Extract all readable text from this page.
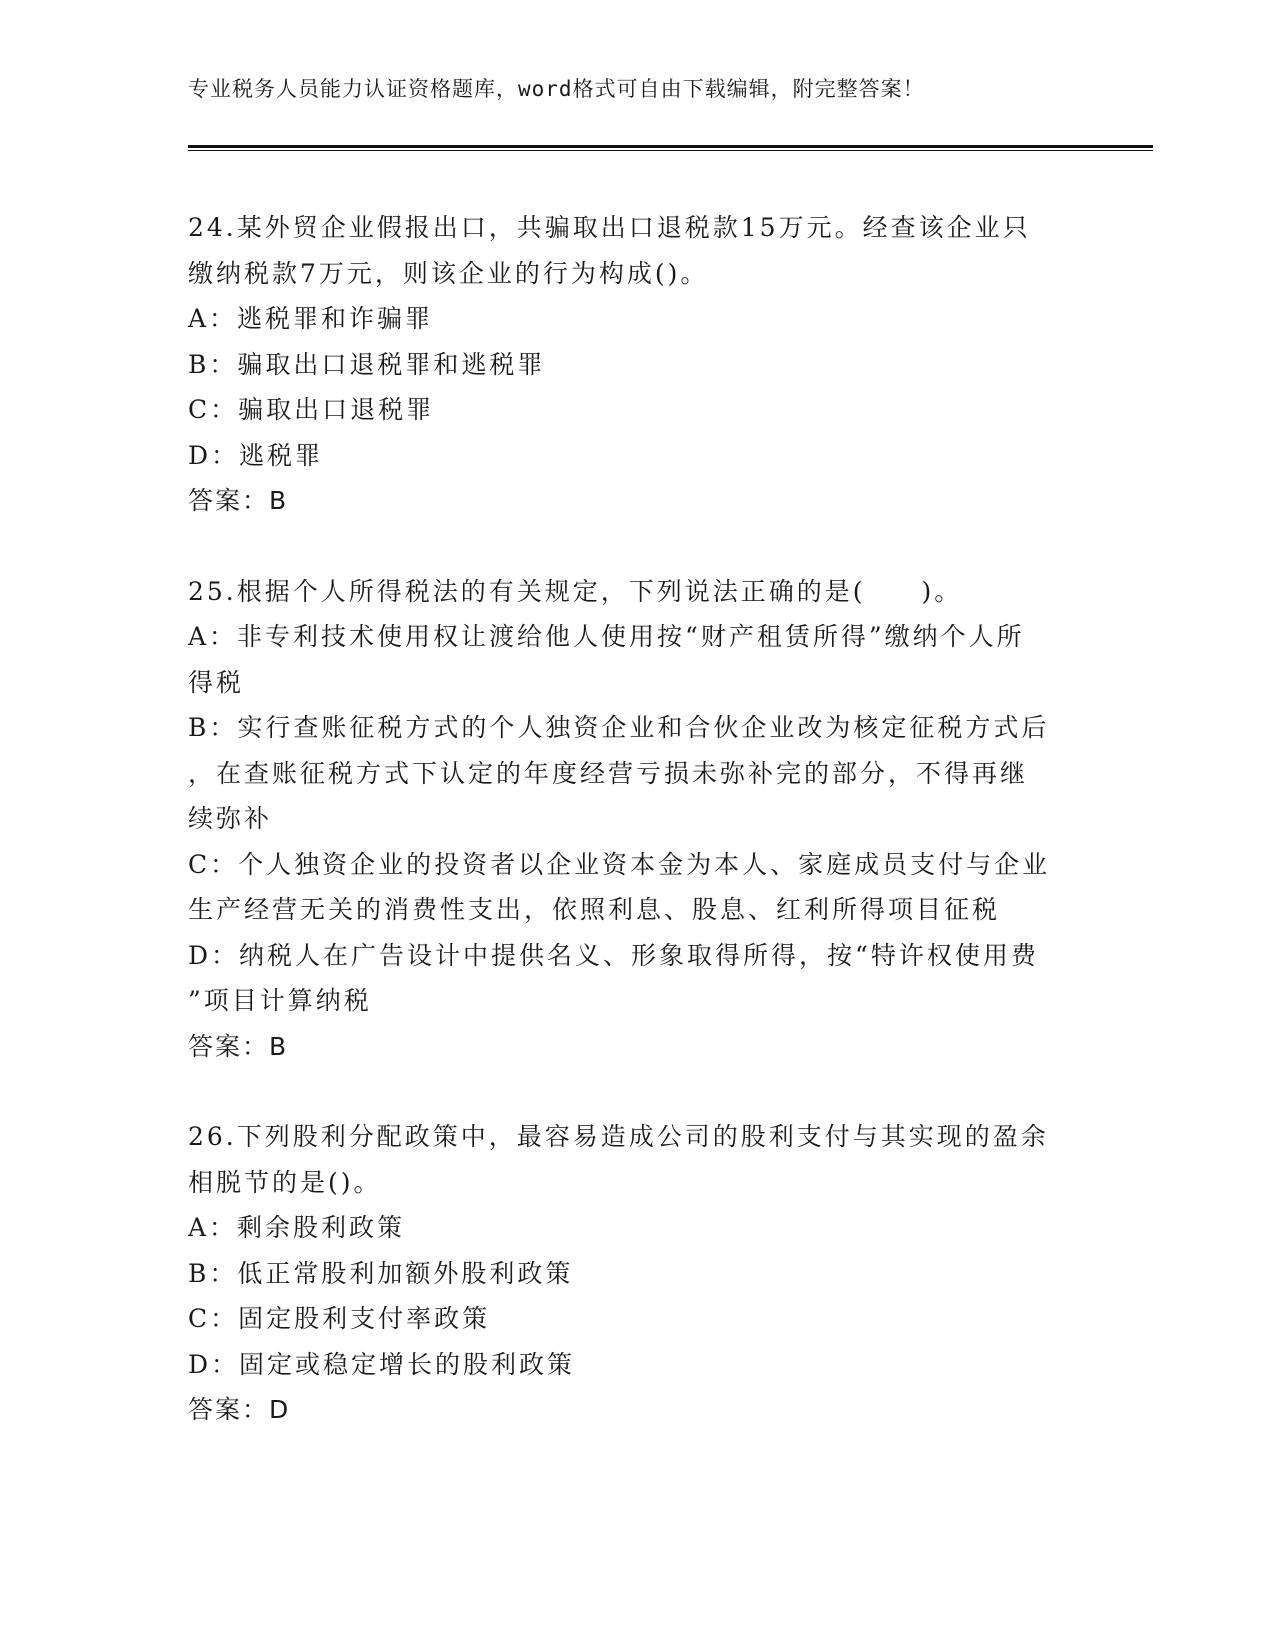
专业税务人员能力认证资格题库，word格式可自由下载编辑，附完整答案！

24.某外贸企业假报出口，共骗取出口退税款15万元。经查该企业只

缴纳税款7万元，则该企业的行为构成()。

A：逃税罪和诈骗罪

B：骗取出口退税罪和逃税罪

C：骗取出口退税罪

D：逃税罪

答案：B

25.根据个人所得税法的有关规定，下列说法正确的是(　　)。

A：非专利技术使用权让渡给他人使用按“财产租赁所得”缴纳个人所

得税

B：实行查账征税方式的个人独资企业和合伙企业改为核定征税方式后

，在查账征税方式下认定的年度经营亏损未弥补完的部分，不得再继

续弥补

C：个人独资企业的投资者以企业资本金为本人、家庭成员支付与企业

生产经营无关的消费性支出，依照利息、股息、红利所得项目征税

D：纳税人在广告设计中提供名义、形象取得所得，按“特许权使用费

”项目计算纳税

答案：B

26.下列股利分配政策中，最容易造成公司的股利支付与其实现的盈余

相脱节的是()。

A：剩余股利政策

B：低正常股利加额外股利政策

C：固定股利支付率政策

D：固定或稳定增长的股利政策

答案：D
